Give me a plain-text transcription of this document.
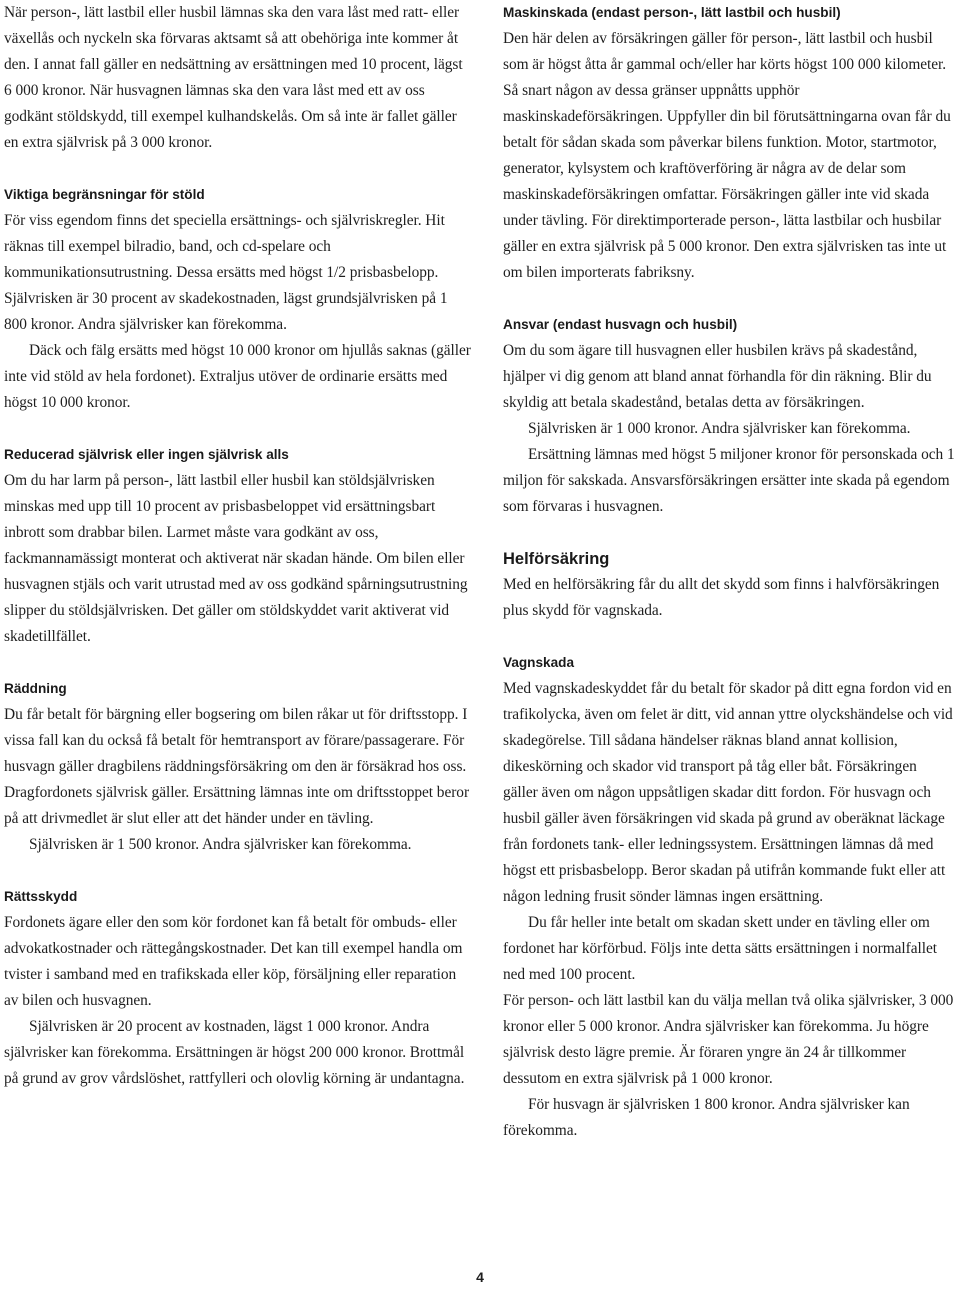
När person-, lätt lastbil eller husbil lämnas ska den vara låst med ratt- eller växellås och nyckeln ska förvaras aktsamt så att obehöriga inte kommer åt den. I annat fall gäller en nedsättning av ersättningen med 10 procent, lägst 6 000 kronor. När husvagnen lämnas ska den vara låst med ett av oss godkänt stöldskydd, till exempel kulhandskelås. Om så inte är fallet gäller en extra självrisk på 3 000 kronor.

Viktiga begränsningar för stöld

För viss egendom finns det speciella ersättnings- och självriskregler. Hit räknas till exempel bilradio, band, och cd-spelare och kommunikationsutrustning. Dessa ersätts med högst 1/2 prisbasbelopp. Självrisken är 30 procent av skadekostnaden, lägst grundsjälvrisken på 1 800 kronor. Andra självrisker kan förekomma.

Däck och fälg ersätts med högst 10 000 kronor om hjullås saknas (gäller inte vid stöld av hela fordonet). Extraljus utöver de ordinarie ersätts med högst 10 000 kronor.

Reducerad självrisk eller ingen självrisk alls

Om du har larm på person-, lätt lastbil eller husbil kan stöldsjälvrisken minskas med upp till 10 procent av prisbasbeloppet vid ersättningsbart inbrott som drabbar bilen. Larmet måste vara godkänt av oss, fackmannamässigt monterat och aktiverat när skadan hände. Om bilen eller husvagnen stjäls och varit utrustad med av oss godkänd spårningsutrustning slipper du stöldsjälvrisken. Det gäller om stöldskyddet varit aktiverat vid skadetillfället.

Räddning

Du får betalt för bärgning eller bogsering om bilen råkar ut för driftsstopp. I vissa fall kan du också få betalt för hemtransport av förare/passagerare. För husvagn gäller dragbilens räddningsförsäkring om den är försäkrad hos oss. Dragfordonets självrisk gäller. Ersättning lämnas inte om driftsstoppet beror på att drivmedlet är slut eller att det händer under en tävling.

Självrisken är 1 500 kronor. Andra självrisker kan förekomma.

Rättsskydd

Fordonets ägare eller den som kör fordonet kan få betalt för ombuds- eller advokatkostnader och rättegångskostnader. Det kan till exempel handla om tvister i samband med en trafikskada eller köp, försäljning eller reparation av bilen och husvagnen.

Självrisken är 20 procent av kostnaden, lägst 1 000 kronor. Andra självrisker kan förekomma. Ersättningen är högst 200 000 kronor. Brottmål på grund av grov vårdslöshet, rattfylleri och olovlig körning är undantagna.

Maskinskada (endast person-, lätt lastbil och husbil)

Den här delen av försäkringen gäller för person-, lätt lastbil och husbil som är högst åtta år gammal och/eller har körts högst 100 000 kilometer. Så snart någon av dessa gränser uppnåtts upphör maskinskadeförsäkringen. Uppfyller din bil förutsättningarna ovan får du betalt för sådan skada som påverkar bilens funktion. Motor, startmotor, generator, kylsystem och kraftöverföring är några av de delar som maskinskadeförsäkringen omfattar. Försäkringen gäller inte vid skada under tävling. För direktimporterade person-, lätta lastbilar och husbilar gäller en extra självrisk på 5 000 kronor. Den extra självrisken tas inte ut om bilen importerats fabriksny.

Ansvar (endast husvagn och husbil)

Om du som ägare till husvagnen eller husbilen krävs på skadestånd, hjälper vi dig genom att bland annat förhandla för din räkning. Blir du skyldig att betala skadestånd, betalas detta av försäkringen.

Självrisken är 1 000 kronor. Andra självrisker kan förekomma.

Ersättning lämnas med högst 5 miljoner kronor för personskada och 1 miljon för sakskada. Ansvarsförsäkringen ersätter inte skada på egendom som förvaras i husvagnen.

Helförsäkring

Med en helförsäkring får du allt det skydd som finns i halvförsäkringen plus skydd för vagnskada.

Vagnskada

Med vagnskadeskyddet får du betalt för skador på ditt egna fordon vid en trafikolycka, även om felet är ditt, vid annan yttre olyckshändelse och vid skadegörelse. Till sådana händelser räknas bland annat kollision, dikeskörning och skador vid transport på tåg eller båt. Försäkringen gäller även om någon uppsåtligen skadar ditt fordon. För husvagn och husbil gäller även försäkringen vid skada på grund av oberäknat läckage från fordonets tank- eller ledningssystem. Ersättningen lämnas då med högst ett prisbasbelopp. Beror skadan på utifrån kommande fukt eller att någon ledning frusit sönder lämnas ingen ersättning.

Du får heller inte betalt om skadan skett under en tävling eller om fordonet har körförbud. Följs inte detta sätts ersättningen i normalfallet ned med 100 procent.

För person- och lätt lastbil kan du välja mellan två olika självrisker, 3 000 kronor eller 5 000 kronor. Andra självrisker kan förekomma. Ju högre självrisk desto lägre premie. Är föraren yngre än 24 år tillkommer dessutom en extra självrisk på 1 000 kronor.

För husvagn är självrisken 1 800 kronor. Andra självrisker kan förekomma.

4
